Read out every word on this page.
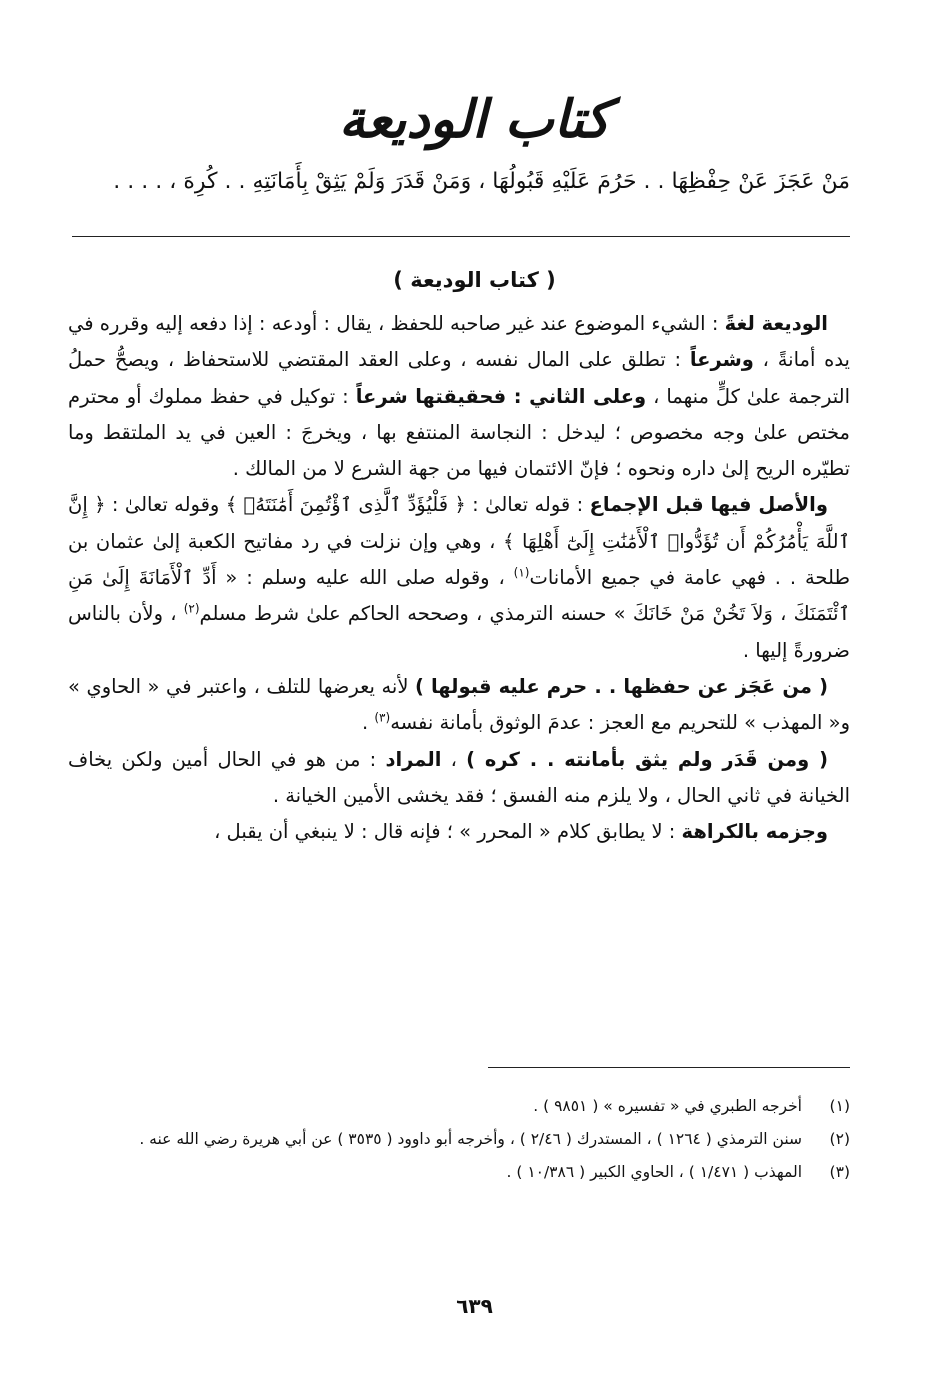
كتاب الوديعة
مَنْ عَجَزَ عَنْ حِفْظِهَا . . حَرُمَ عَلَيْهِ قَبُولُهَا ، وَمَنْ قَدَرَ وَلَمْ يَثِقْ بِأَمَانَتِهِ . . كُرِهَ ، . . . .
( كتاب الوديعة )

الوديعة لغةً : الشيء الموضوع عند غير صاحبه للحفظ ، يقال : أودعه : إذا دفعه إليه وقرره في يده أمانةً ، وشرعاً : تطلق على المال نفسه ، وعلى العقد المقتضي للاستحفاظ ، ويصحُّ حملُ الترجمة علىٰ كلٍّ منهما ، وعلى الثاني : فحقيقتها شرعاً : توكيل في حفظ مملوك أو محترم مختص علىٰ وجه مخصوص ؛ ليدخل : النجاسة المنتفع بها ، ويخرجَ : العين في يد الملتقط وما تطيّره الريح إلىٰ داره ونحوه ؛ فإنّ الائتمان فيها من جهة الشرع لا من المالك .

والأصل فيها قبل الإجماع : قوله تعالىٰ : ﴿ فَلْيُؤَدِّ ٱلَّذِى ٱؤْتُمِنَ أَمَٰنَتَهُۥ ﴾ وقوله تعالىٰ : ﴿ إِنَّ ٱللَّهَ يَأْمُرُكُمْ أَن تُؤَدُّوا۟ ٱلْأَمَٰنَٰتِ إِلَىٰٓ أَهْلِهَا ﴾ ، وهي وإن نزلت في رد مفاتيح الكعبة إلىٰ عثمان بن طلحة . . فهي عامة في جميع الأمانات$^{(١)}$ ، وقوله صلى الله عليه وسلم : « أَدِّ ٱلْأَمَانَةَ إِلَىٰ مَنِ ٱئْتَمَنَكَ ، وَلاَ تَخُنْ مَنْ خَانَكَ » حسنه الترمذي ، وصححه الحاكم علىٰ شرط مسلم$^{(٢)}$ ، ولأن بالناس ضرورةً إليها .

( من عَجَز عن حفظها . . حرم عليه قبولها ) لأنه يعرضها للتلف ، واعتبر في « الحاوي » و« المهذب » للتحريم مع العجز : عدمَ الوثوق بأمانة نفسه$^{(٣)}$ .

( ومن قَدَر ولم يثق بأمانته . . كره ) ، المراد : من هو في الحال أمين ولكن يخاف الخيانة في ثاني الحال ، ولا يلزم منه الفسق ؛ فقد يخشى الأمين الخيانة .

وجزمه بالكراهة : لا يطابق كلام « المحرر » ؛ فإنه قال : لا ينبغي أن يقبل ،

(١)
أخرجه الطبري في « تفسيره » ( ٩٨٥١ ) .
(٢)
سنن الترمذي ( ١٢٦٤ ) ، المستدرك ( ٢/٤٦ ) ، وأخرجه أبو داوود ( ٣٥٣٥ ) عن أبي هريرة رضي الله عنه .
(٣)
المهذب ( ١/٤٧١ ) ، الحاوي الكبير ( ١٠/٣٨٦ ) .
٦٣٩
